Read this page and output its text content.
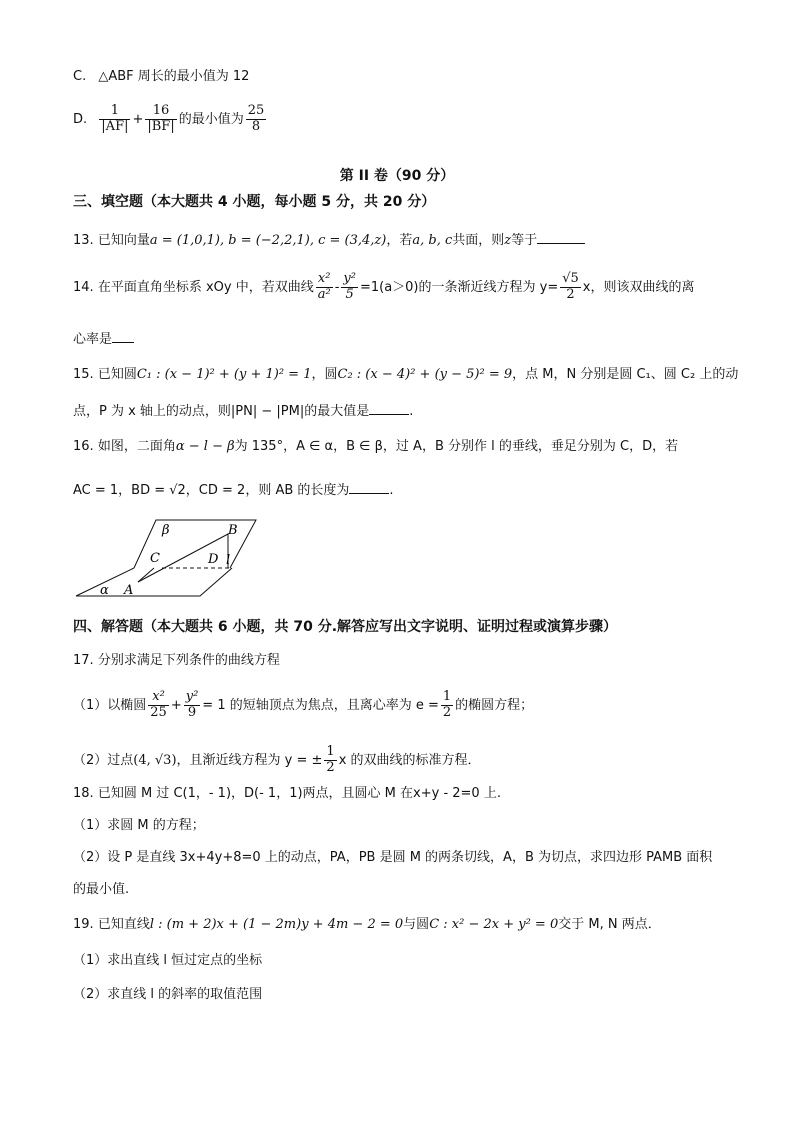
C. △ABF 周长的最小值为 12
D. $\frac{1}{|AF|} + \frac{16}{|BF|}$ 的最小值为 $\frac{25}{8}$
第 II 卷（90 分）
三、填空题（本大题共 4 小题，每小题 5 分，共 20 分）
13. 已知向量a = (1,0,1), b = (−2,2,1), c = (3,4,z)，若a, b, c共面，则z等于
14. 在平面直角坐标系 xOy 中，若双曲线 $\frac{\text{x²}}{\text{a²}} - \frac{\text{y²}}{5} =1(a>0)$的一条渐近线方程为 $y= \frac{√5}{2}$ x，则该双曲线的离
心率是
15. 已知圆C₁ : (x − 1)² + (y + 1)² = 1，圆C₂ : (x − 4)² + (y − 5)² = 9，点 M，N 分别是圆 C₁、圆 C₂ 上的动
点，P 为 x 轴上的动点，则|PN| − |PM|的最大值是	.
16. 如图，二面角α − l − β为 135°，A ∈ α，B ∈ β，过 A，B 分别作 l 的垂线，垂足分别为 C，D，若
AC = 1，BD = √2，CD = 2，则 AB 的长度为	.
β	B
C	D l
α A
四、解答题（本大题共 6 小题，共 70 分.解答应写出文字说明、证明过程或演算步骤）
17. 分别求满足下列条件的曲线方程
（1）以椭圆 $\frac{\text{x²}}{25} + \frac{\text{y²}}{9} = 1$ 的短轴顶点为焦点，且离心率为 $e = \frac{1}{2}$ 的椭圆方程；
（2）过点(4, √3)，且渐近线方程为 y = ± $\frac{1}{2}$ x 的双曲线的标准方程．
18. 已知圆 M 过 C(1，- 1)，D(- 1，1)两点，且圆心 M 在x+y - 2=0 上.
（1）求圆 M 的方程；
（2）设 P 是直线 3x+4y+8=0 上的动点，PA，PB 是圆 M 的两条切线，A，B 为切点，求四边形 PAMB 面积
的最小值.
19. 已知直线l : (m + 2)x + (1 − 2m)y + 4m − 2 = 0与圆C : x² − 2x + y² = 0交于 M, N 两点．
（1）求出直线 l 恒过定点的坐标
（2）求直线 l 的斜率的取值范围
